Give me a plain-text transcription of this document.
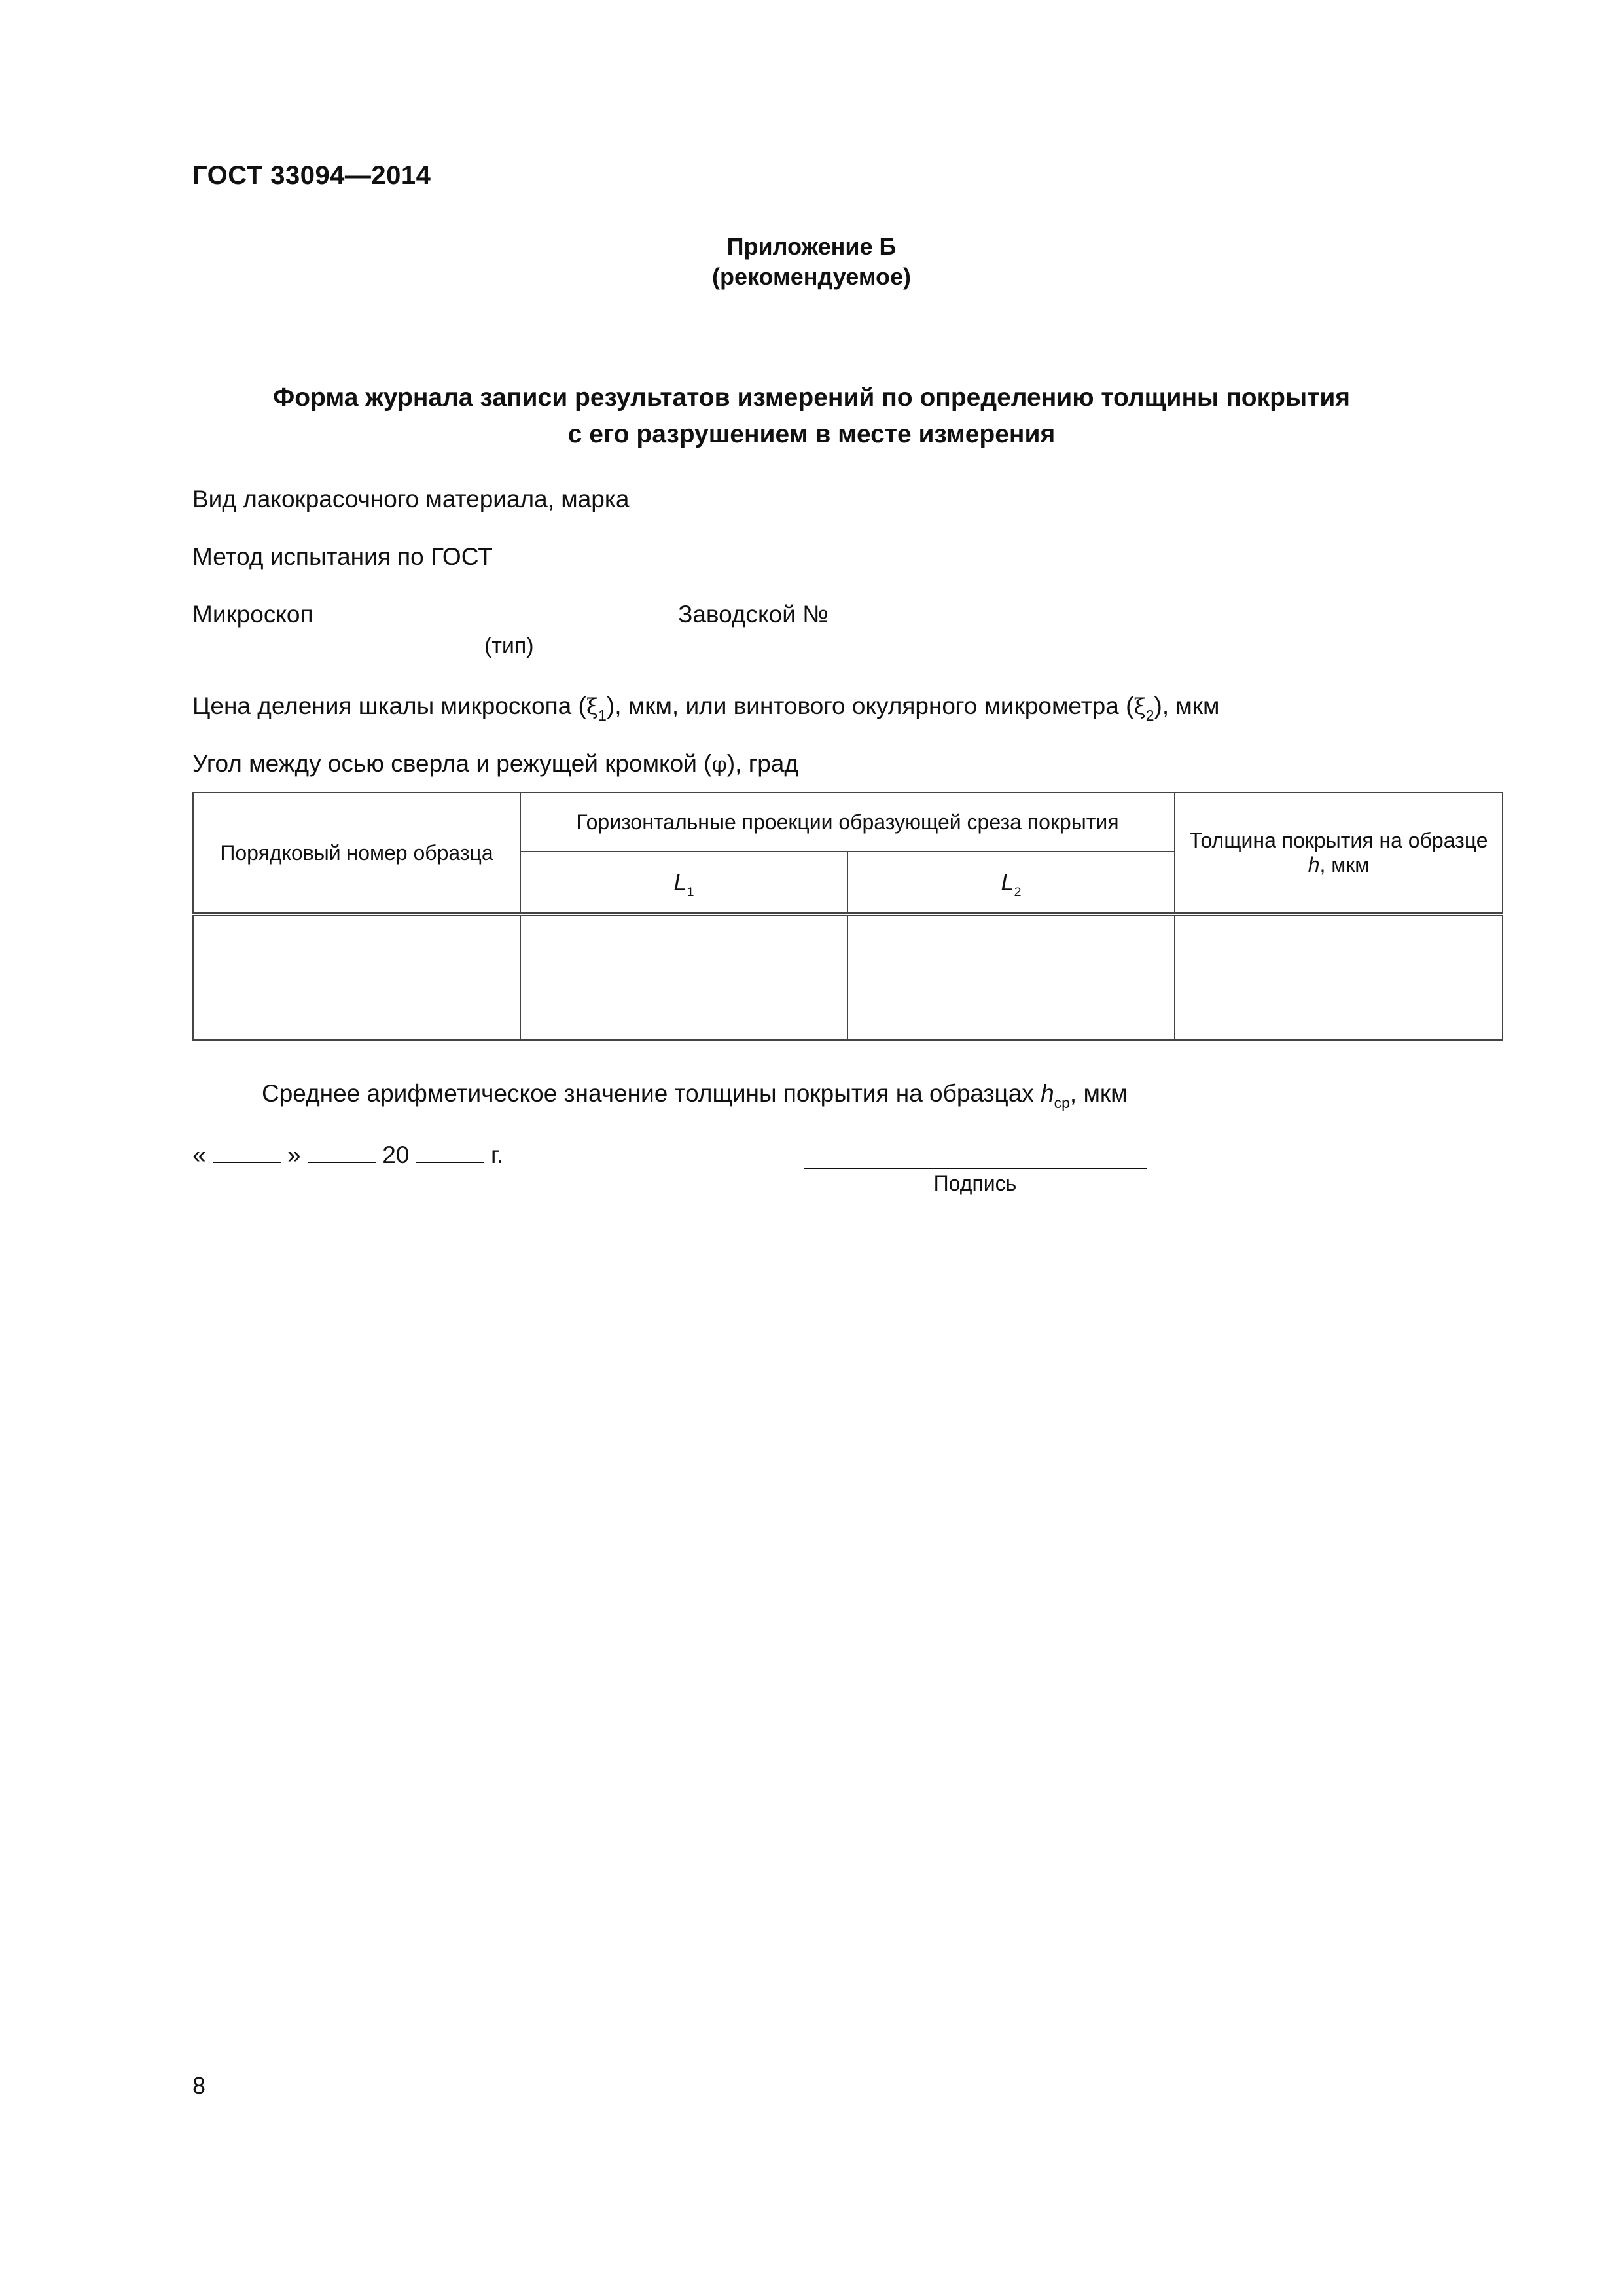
ГОСТ 33094—2014
Приложение Б
(рекомендуемое)
Форма журнала записи результатов измерений по определению толщины покрытия
с его разрушением в месте измерения
Вид лакокрасочного материала, марка
Метод испытания по ГОСТ
Микроскоп	Заводской №
(тип)
Цена деления шкалы микроскопа $(\xi_1)$, мкм, или винтового окулярного микрометра $(\xi_2)$, мкм
Угол между осью сверла и режущей кромкой (φ), град
Порядковый номер образца	Горизонтальные проекции образующей среза покрытия		Толщина покрытия на образце h, мкм
	$L_1$	$L_2$

Среднее арифметическое значение толщины покрытия на образцах $h_{ср}$, мкм
«	»	20	г.
Подпись
8
